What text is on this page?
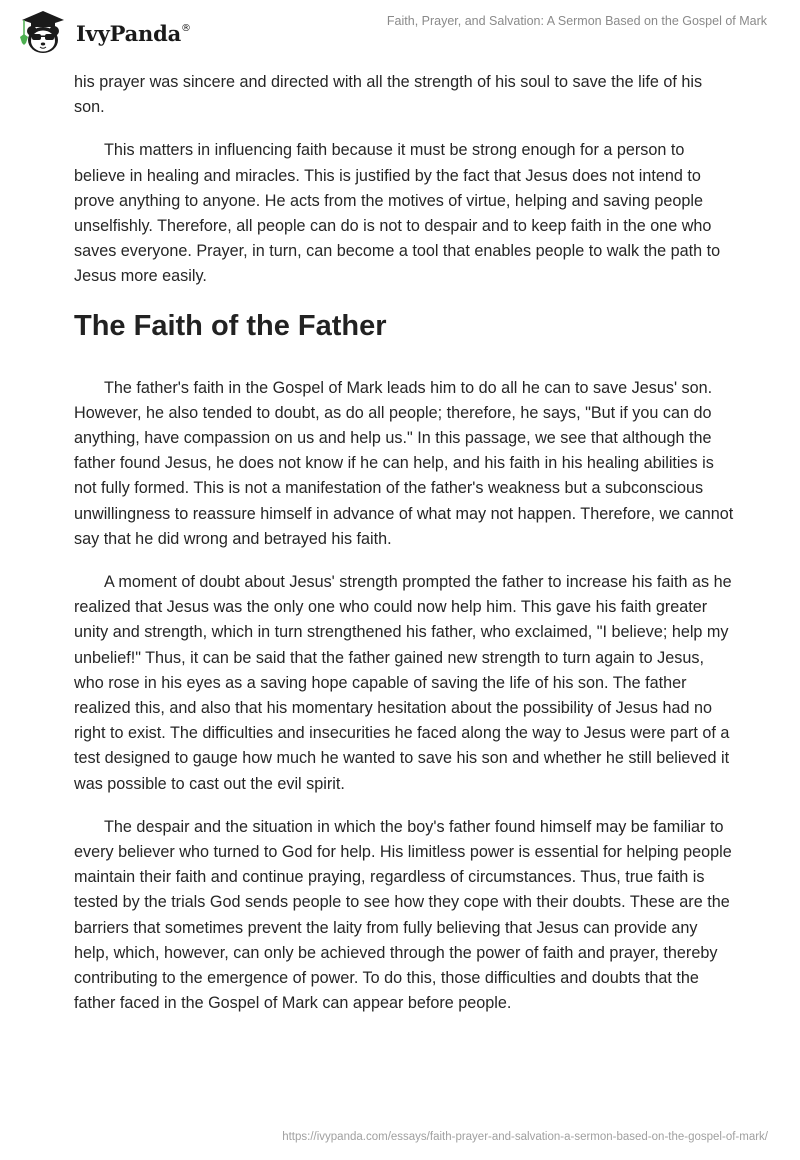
IvyPanda®	Faith, Prayer, and Salvation: A Sermon Based on the Gospel of Mark

his prayer was sincere and directed with all the strength of his soul to save the life of his son.

This matters in influencing faith because it must be strong enough for a person to believe in healing and miracles. This is justified by the fact that Jesus does not intend to prove anything to anyone. He acts from the motives of virtue, helping and saving people unselfishly. Therefore, all people can do is not to despair and to keep faith in the one who saves everyone. Prayer, in turn, can become a tool that enables people to walk the path to Jesus more easily.

The Faith of the Father

The father's faith in the Gospel of Mark leads him to do all he can to save Jesus' son. However, he also tended to doubt, as do all people; therefore, he says, "But if you can do anything, have compassion on us and help us." In this passage, we see that although the father found Jesus, he does not know if he can help, and his faith in his healing abilities is not fully formed. This is not a manifestation of the father's weakness but a subconscious unwillingness to reassure himself in advance of what may not happen. Therefore, we cannot say that he did wrong and betrayed his faith.

A moment of doubt about Jesus' strength prompted the father to increase his faith as he realized that Jesus was the only one who could now help him. This gave his faith greater unity and strength, which in turn strengthened his father, who exclaimed, "I believe; help my unbelief!" Thus, it can be said that the father gained new strength to turn again to Jesus, who rose in his eyes as a saving hope capable of saving the life of his son. The father realized this, and also that his momentary hesitation about the possibility of Jesus had no right to exist. The difficulties and insecurities he faced along the way to Jesus were part of a test designed to gauge how much he wanted to save his son and whether he still believed it was possible to cast out the evil spirit.

The despair and the situation in which the boy's father found himself may be familiar to every believer who turned to God for help. His limitless power is essential for helping people maintain their faith and continue praying, regardless of circumstances. Thus, true faith is tested by the trials God sends people to see how they cope with their doubts. These are the barriers that sometimes prevent the laity from fully believing that Jesus can provide any help, which, however, can only be achieved through the power of faith and prayer, thereby contributing to the emergence of power. To do this, those difficulties and doubts that the father faced in the Gospel of Mark can appear before people.

https://ivypanda.com/essays/faith-prayer-and-salvation-a-sermon-based-on-the-gospel-of-mark/
